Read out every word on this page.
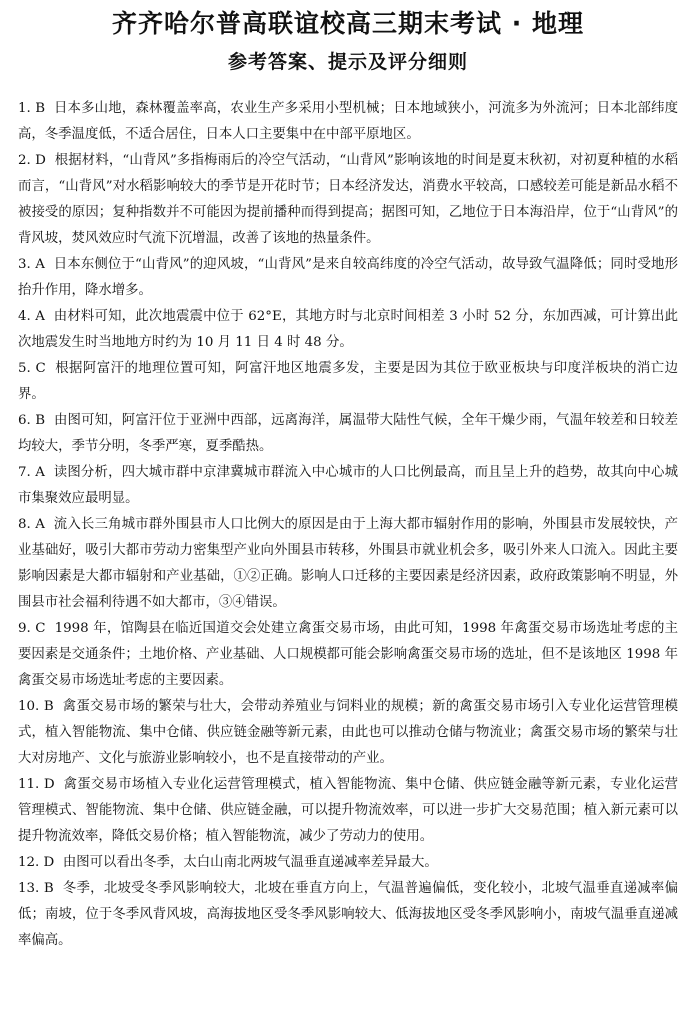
齐齐哈尔普高联谊校高三期末考试 · 地理
参考答案、提示及评分细则

1. B 日本多山地，森林覆盖率高，农业生产多采用小型机械；日本地域狭小，河流多为外流河；日本北部纬度高，冬季温度低，不适合居住，日本人口主要集中在中部平原地区。

2. D 根据材料，“山背风”多指梅雨后的冷空气活动，“山背风”影响该地的时间是夏末秋初，对初夏种植的水稻而言，“山背风”对水稻影响较大的季节是开花时节；日本经济发达，消费水平较高，口感较差可能是新品水稻不被接受的原因；复种指数并不可能因为提前播种而得到提高；据图可知，乙地位于日本海沿岸，位于“山背风”的背风坡，焚风效应时气流下沉增温，改善了该地的热量条件。

3. A 日本东侧位于“山背风”的迎风坡，“山背风”是来自较高纬度的冷空气活动，故导致气温降低；同时受地形抬升作用，降水增多。

4. A 由材料可知，此次地震震中位于 62°E，其地方时与北京时间相差 3 小时 52 分，东加西减，可计算出此次地震发生时当地地方时约为 10 月 11 日 4 时 48 分。

5. C 根据阿富汗的地理位置可知，阿富汗地区地震多发，主要是因为其位于欧亚板块与印度洋板块的消亡边界。

6. B 由图可知，阿富汗位于亚洲中西部，远离海洋，属温带大陆性气候，全年干燥少雨，气温年较差和日较差均较大，季节分明，冬季严寒，夏季酷热。

7. A 读图分析，四大城市群中京津冀城市群流入中心城市的人口比例最高，而且呈上升的趋势，故其向中心城市集聚效应最明显。

8. A 流入长三角城市群外围县市人口比例大的原因是由于上海大都市辐射作用的影响，外围县市发展较快，产业基础好，吸引大都市劳动力密集型产业向外围县市转移，外围县市就业机会多，吸引外来人口流入。因此主要影响因素是大都市辐射和产业基础，①②正确。影响人口迁移的主要因素是经济因素，政府政策影响不明显，外围县市社会福利待遇不如大都市，③④错误。

9. C 1998 年，馆陶县在临近国道交会处建立禽蛋交易市场，由此可知，1998 年禽蛋交易市场选址考虑的主要因素是交通条件；土地价格、产业基础、人口规模都可能会影响禽蛋交易市场的选址，但不是该地区 1998 年禽蛋交易市场选址考虑的主要因素。

10. B 禽蛋交易市场的繁荣与壮大，会带动养殖业与饲料业的规模；新的禽蛋交易市场引入专业化运营管理模式，植入智能物流、集中仓储、供应链金融等新元素，由此也可以推动仓储与物流业；禽蛋交易市场的繁荣与壮大对房地产、文化与旅游业影响较小，也不是直接带动的产业。

11. D 禽蛋交易市场植入专业化运营管理模式，植入智能物流、集中仓储、供应链金融等新元素，专业化运营管理模式、智能物流、集中仓储、供应链金融，可以提升物流效率，可以进一步扩大交易范围；植入新元素可以提升物流效率，降低交易价格；植入智能物流，减少了劳动力的使用。

12. D 由图可以看出冬季，太白山南北两坡气温垂直递减率差异最大。

13. B 冬季，北坡受冬季风影响较大，北坡在垂直方向上，气温普遍偏低，变化较小，北坡气温垂直递减率偏低；南坡，位于冬季风背风坡，高海拔地区受冬季风影响较大、低海拔地区受冬季风影响小，南坡气温垂直递减率偏高。
